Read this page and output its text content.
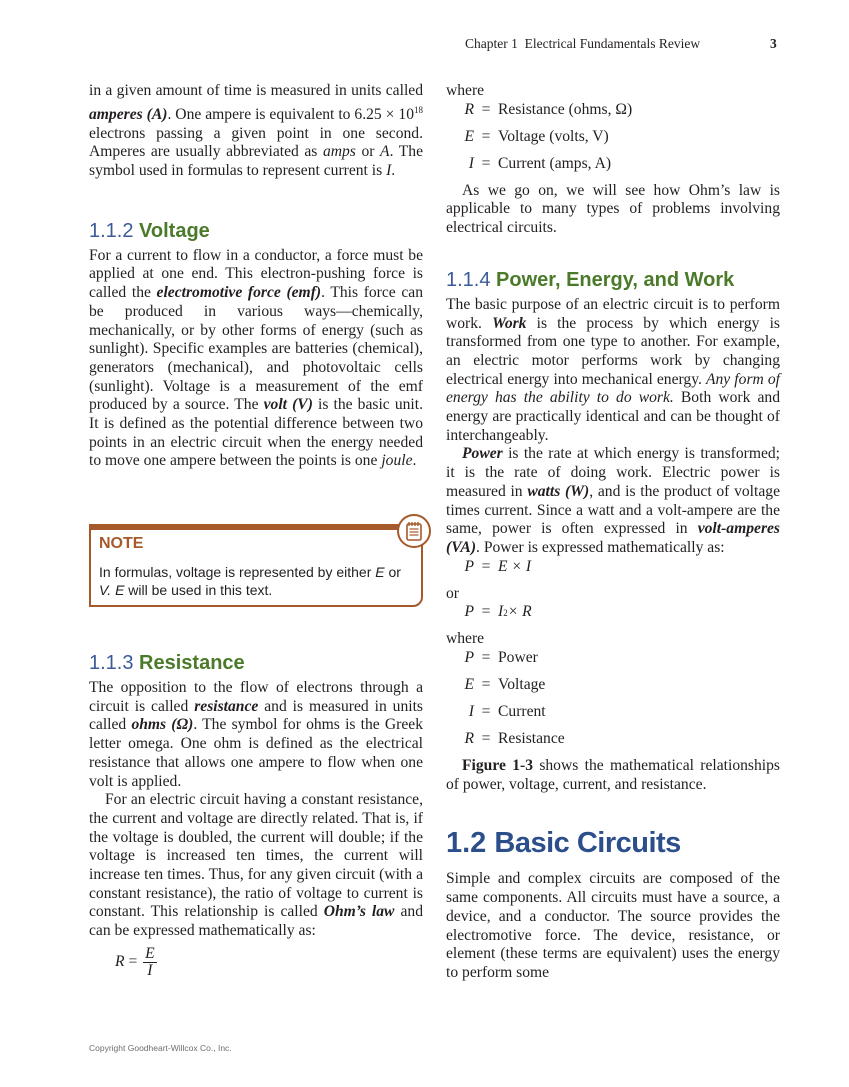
Chapter 1 Electrical Fundamentals Review	3

in a given amount of time is measured in units called amperes (A). One ampere is equivalent to $6.25 \times 10^{18}$ electrons passing a given point in one second. Amperes are usually abbreviated as amps or A. The symbol used in formulas to represent current is I.

1.1.2 Voltage

For a current to flow in a conductor, a force must be applied at one end. This electron-pushing force is called the electromotive force (emf). This force can be produced in various ways—chemically, mechanically, or by other forms of energy (such as sunlight). Specific examples are batteries (chemical), generators (mechanical), and photovoltaic cells (sunlight). Voltage is a measurement of the emf produced by a source. The volt (V) is the basic unit. It is defined as the potential difference between two points in an electric circuit when the energy needed to move one ampere between the points is one joule.

NOTE
In formulas, voltage is represented by either E or V. E will be used in this text.
1.1.3 Resistance

The opposition to the flow of electrons through a circuit is called resistance and is measured in units called ohms (Ω). The symbol for ohms is the Greek letter omega. One ohm is defined as the electrical resistance that allows one ampere to flow when one volt is applied.

For an electric circuit having a constant resistance, the current and voltage are directly related. That is, if the voltage is doubled, the current will double; if the voltage is increased ten times, the current will increase ten times. Thus, for any given circuit (with a constant resistance), the ratio of voltage to current is constant. This relationship is called Ohm’s law and can be expressed mathematically as:

R
=
$\frac{E}{I}$

where

R = Resistance (ohms, Ω)
E = Voltage (volts, V)
I = Current (amps, A)

As we go on, we will see how Ohm’s law is applicable to many types of problems involving electrical circuits.

1.1.4 Power, Energy, and Work

The basic purpose of an electric circuit is to perform work. Work is the process by which energy is transformed from one type to another. For example, an electric motor performs work by changing electrical energy into mechanical energy. Any form of energy has the ability to do work. Both work and energy are practically identical and can be thought of interchangeably.

Power is the rate at which energy is transformed; it is the rate of doing work. Electric power is measured in watts (W), and is the product of voltage times current. Since a watt and a volt-ampere are the same, power is often expressed in volt-amperes (VA). Power is expressed mathematically as:

P = E × I

or

P = I 2 × R

where

P = Power
E = Voltage
I = Current
R = Resistance

Figure 1-3 shows the mathematical relationships of power, voltage, current, and resistance.

1.2 Basic Circuits

Simple and complex circuits are composed of the same components. All circuits must have a source, a device, and a conductor. The source provides the electromotive force. The device, resistance, or element (these terms are equivalent) uses the energy to perform some

Copyright Goodheart-Willcox Co., Inc.
